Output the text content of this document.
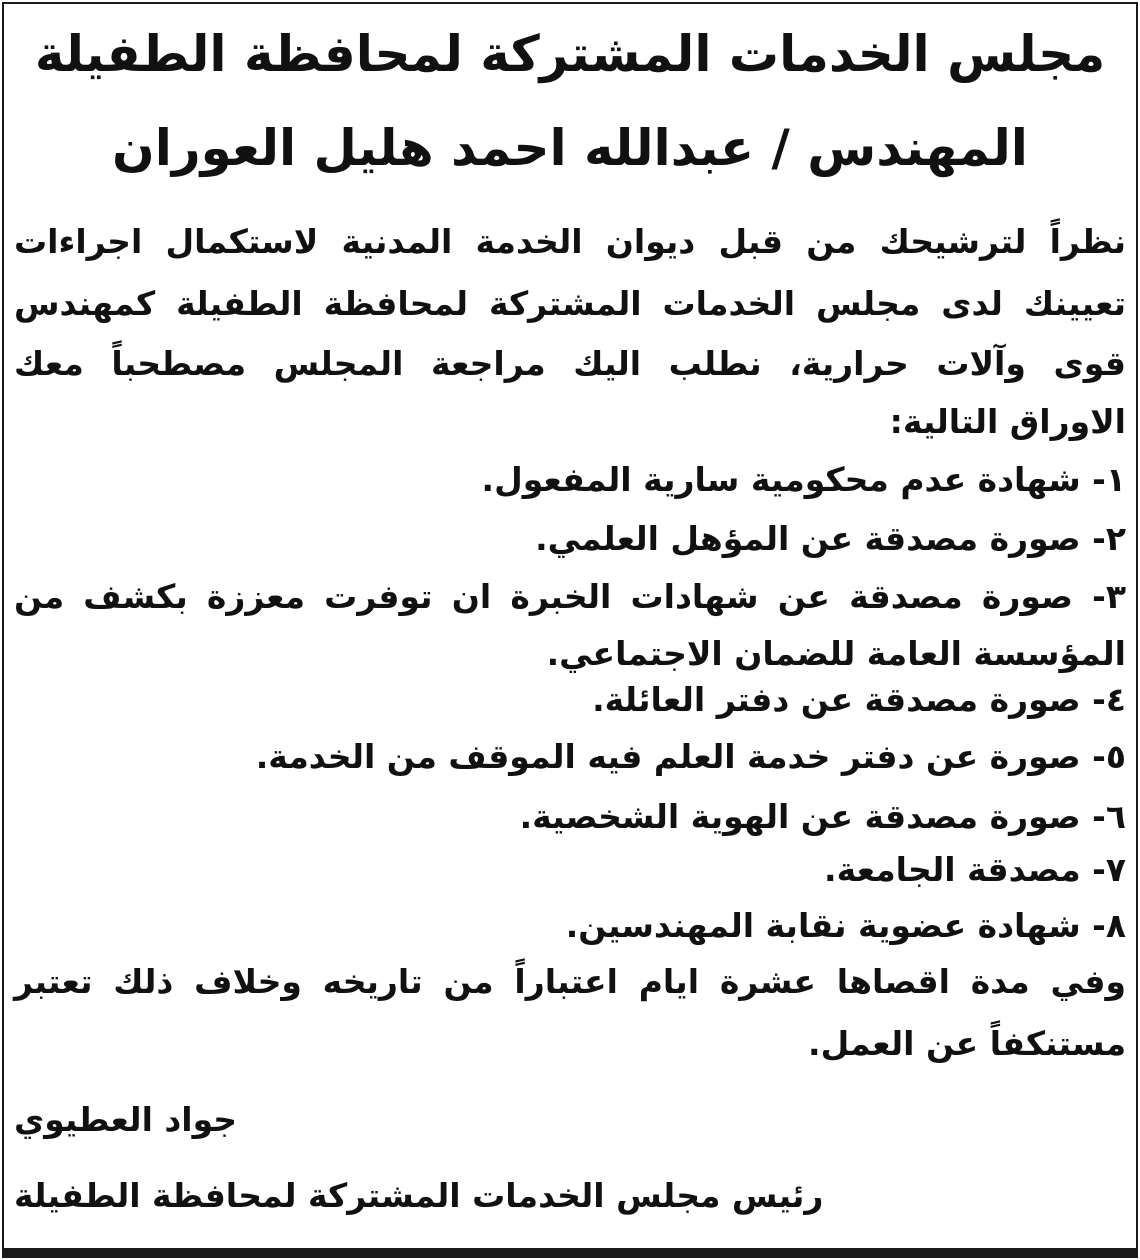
مجلس الخدمات المشتركة لمحافظة الطفيلة
المهندس / عبدالله احمد هليل العوران
نظراً لترشيحك من قبل ديوان الخدمة المدنية لاستكمال اجراءات
تعيينك لدى مجلس الخدمات المشتركة لمحافظة الطفيلة كمهندس
قوى وآلات حرارية، نطلب اليك مراجعة المجلس مصطحباً معك
الاوراق التالية:
١- شهادة عدم محكومية سارية المفعول.
٢- صورة مصدقة عن المؤهل العلمي.
٣- صورة مصدقة عن شهادات الخبرة ان توفرت معززة بكشف من
المؤسسة العامة للضمان الاجتماعي.
٤- صورة مصدقة عن دفتر العائلة.
٥- صورة عن دفتر خدمة العلم فيه الموقف من الخدمة.
٦- صورة مصدقة عن الهوية الشخصية.
٧- مصدقة الجامعة.
٨- شهادة عضوية نقابة المهندسين.
وفي مدة اقصاها عشرة ايام اعتباراً من تاريخه وخلاف ذلك تعتبر
مستنكفاً عن العمل.
جواد العطيوي
رئيس مجلس الخدمات المشتركة لمحافظة الطفيلة
